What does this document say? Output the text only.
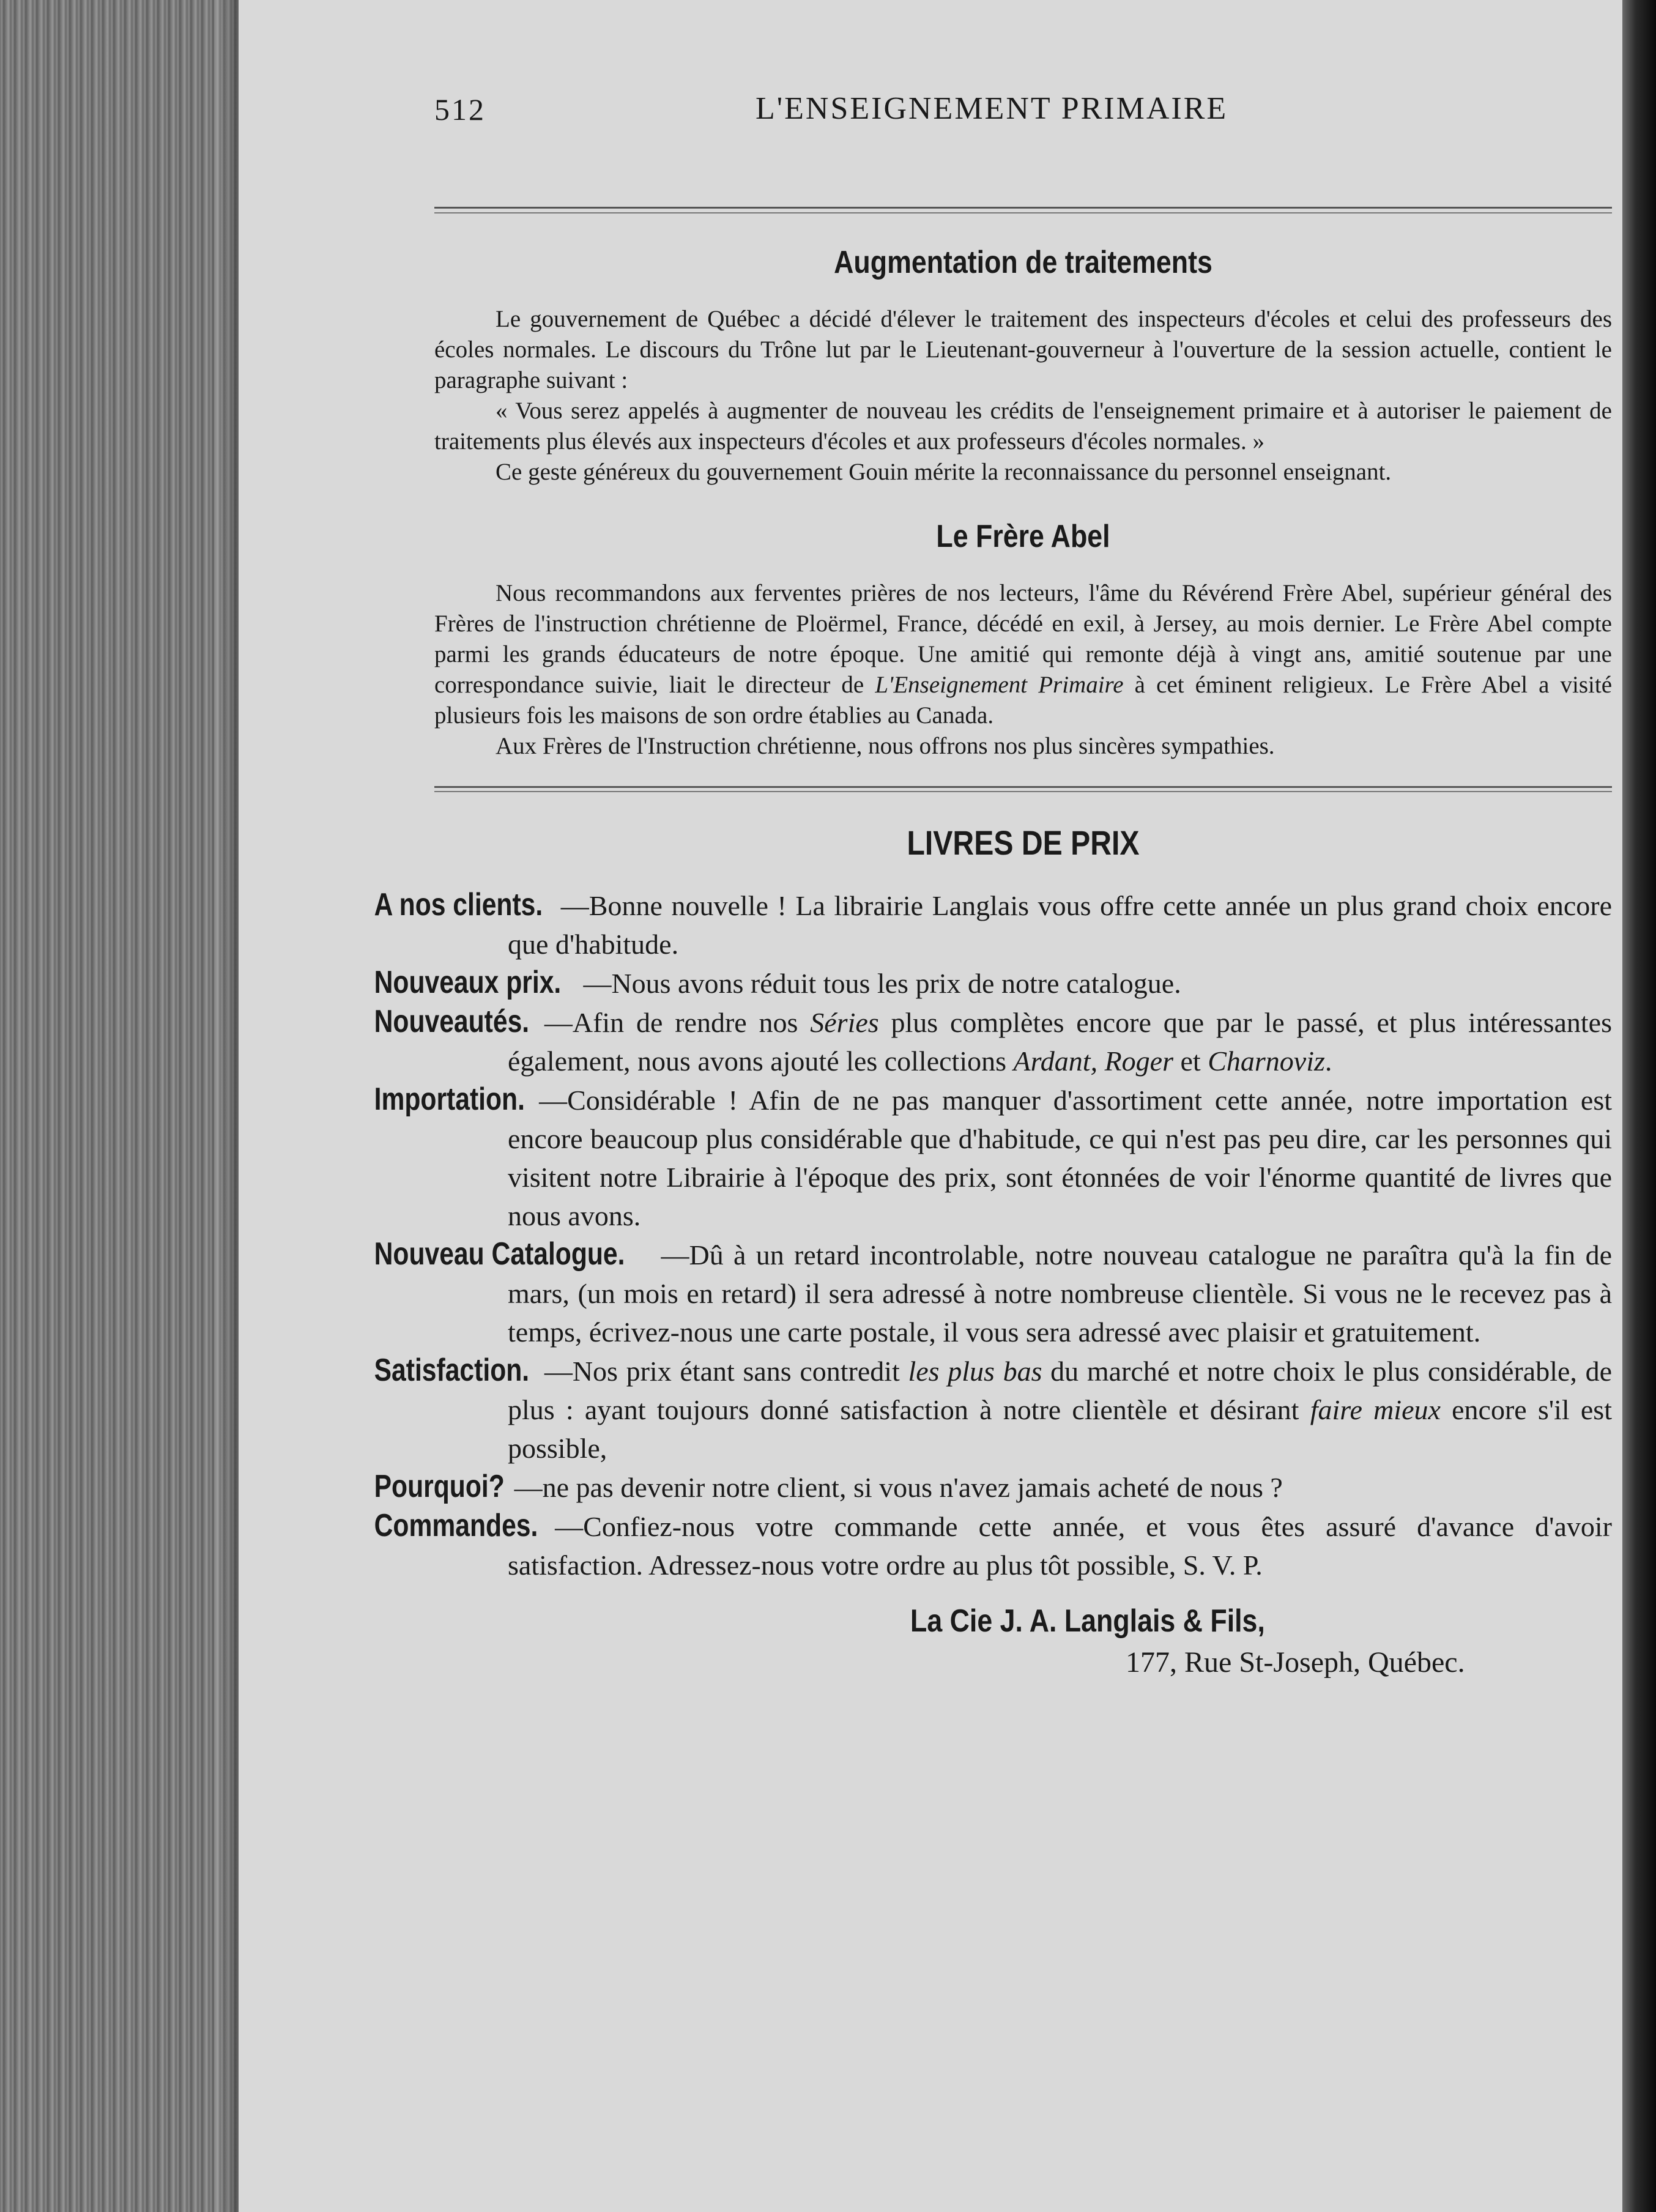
512	L'ENSEIGNEMENT PRIMAIRE
Augmentation de traitements

Le gouvernement de Québec a décidé d'élever le traitement des inspecteurs d'écoles et celui des professeurs des écoles normales. Le discours du Trône lut par le Lieutenant-gouverneur à l'ouverture de la session actuelle, contient le paragraphe suivant :

« Vous serez appelés à augmenter de nouveau les crédits de l'enseignement primaire et à autoriser le paiement de traitements plus élevés aux inspecteurs d'écoles et aux professeurs d'écoles normales. »

Ce geste généreux du gouvernement Gouin mérite la reconnaissance du personnel enseignant.

Le Frère Abel

Nous recommandons aux ferventes prières de nos lecteurs, l'âme du Révérend Frère Abel, supérieur général des Frères de l'instruction chrétienne de Ploërmel, France, décédé en exil, à Jersey, au mois dernier. Le Frère Abel compte parmi les grands éducateurs de notre époque. Une amitié qui remonte déjà à vingt ans, amitié soutenue par une correspondance suivie, liait le directeur de L'Enseignement Primaire à cet éminent religieux. Le Frère Abel a visité plusieurs fois les maisons de son ordre établies au Canada.

Aux Frères de l'Instruction chrétienne, nous offrons nos plus sincères sympathies.

LIVRES DE PRIX

A nos clients. —Bonne nouvelle ! La librairie Langlais vous offre cette année un plus grand choix encore que d'habitude.

Nouveaux prix. —Nous avons réduit tous les prix de notre catalogue.

Nouveautés. —Afin de rendre nos Séries plus complètes encore que par le passé, et plus intéressantes également, nous avons ajouté les collections Ardant, Roger et Charnoviz.

Importation. —Considérable ! Afin de ne pas manquer d'assortiment cette année, notre importation est encore beaucoup plus considérable que d'habitude, ce qui n'est pas peu dire, car les personnes qui visitent notre Librairie à l'époque des prix, sont étonnées de voir l'énorme quantité de livres que nous avons.

Nouveau Catalogue. —Dû à un retard incontrolable, notre nouveau catalogue ne paraîtra qu'à la fin de mars, (un mois en retard) il sera adressé à notre nombreuse clientèle. Si vous ne le recevez pas à temps, écrivez-nous une carte postale, il vous sera adressé avec plaisir et gratuitement.

Satisfaction. —Nos prix étant sans contredit les plus bas du marché et notre choix le plus considérable, de plus : ayant toujours donné satisfaction à notre clientèle et désirant faire mieux encore s'il est possible,

Pourquoi? —ne pas devenir notre client, si vous n'avez jamais acheté de nous ?

Commandes. —Confiez-nous votre commande cette année, et vous êtes assuré d'avance d'avoir satisfaction. Adressez-nous votre ordre au plus tôt possible, S. V. P.

La Cie J. A. Langlais & Fils,
177, Rue St-Joseph, Québec.
